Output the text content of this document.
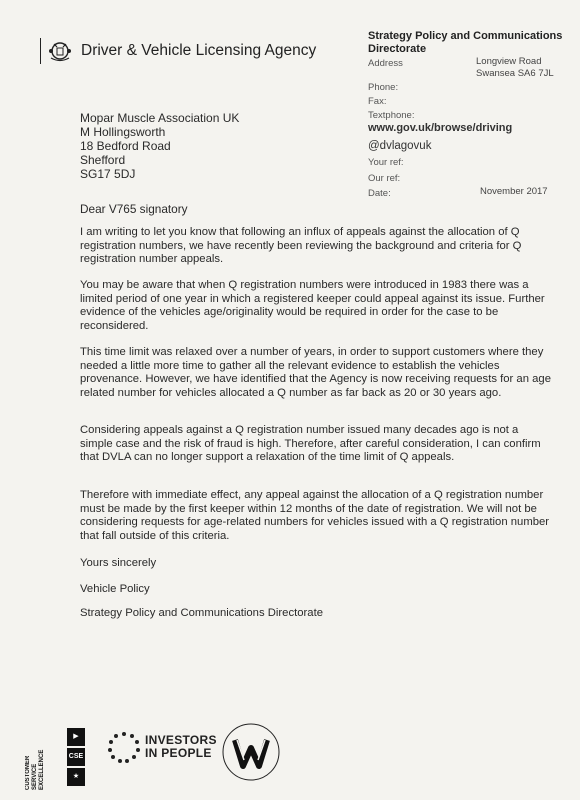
Driver & Vehicle Licensing Agency
Strategy Policy and Communications
Directorate
Address	Longview Road
Swansea SA6 7JL
Phone:
Fax:
Textphone:
www.gov.uk/browse/driving
@dvlagovuk
Your ref:
Our ref:
Date:	November 2017
Mopar Muscle Association UK
M Hollingsworth
18 Bedford Road
Shefford
SG17 5DJ
Dear V765 signatory

I am writing to let you know that following an influx of appeals against the allocation of Q registration numbers, we have recently been reviewing the background and criteria for Q registration number appeals.

You may be aware that when Q registration numbers were introduced in 1983 there was a limited period of one year in which a registered keeper could appeal against its issue. Further evidence of the vehicles age/originality would be required in order for the case to be reconsidered.

This time limit was relaxed over a number of years, in order to support customers where they needed a little more time to gather all the relevant evidence to establish the vehicles provenance. However, we have identified that the Agency is now receiving requests for an age related number for vehicles allocated a Q number as far back as 20 or 30 years ago.

Considering appeals against a Q registration number issued many decades ago is not a simple case and the risk of fraud is high. Therefore, after careful consideration, I can confirm that DVLA can no longer support a relaxation of the time limit of Q appeals.

Therefore with immediate effect, any appeal against the allocation of a Q registration number must be made by the first keeper within 12 months of the date of registration. We will not be considering requests for age-related numbers for vehicles issued with a Q registration number that fall outside of this criteria.

Yours sincerely
Vehicle Policy
Strategy Policy and Communications Directorate
CUSTOMER SERVICE EXCELLENCE
▶
CSE
★
INVESTORS
IN PEOPLE
